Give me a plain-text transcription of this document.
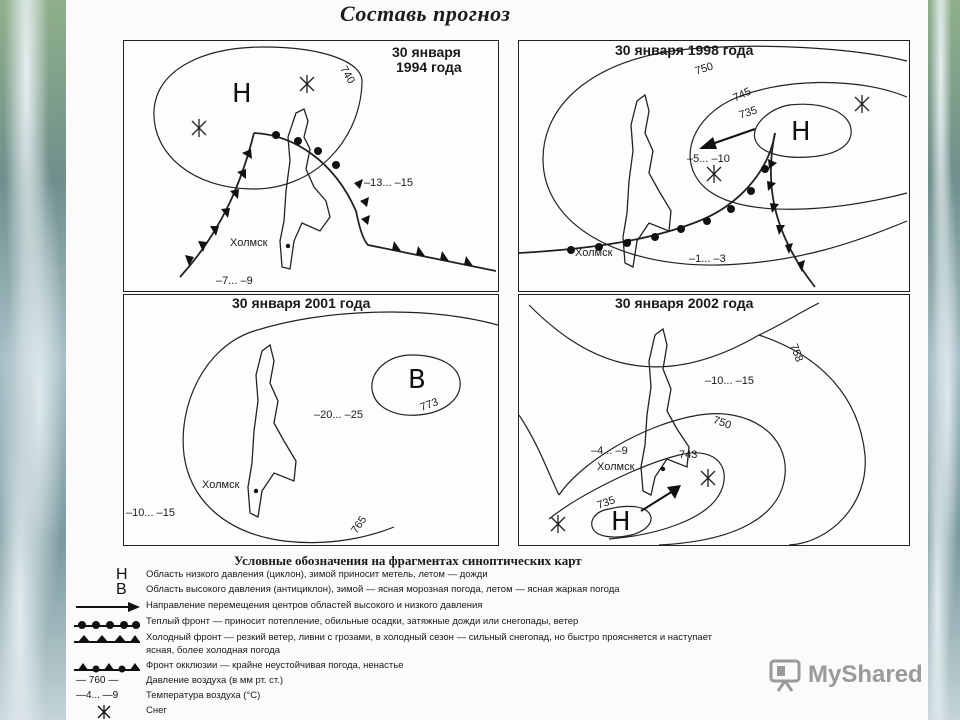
Составь прогноз
30 января
1994 года
Н
740
–13... –15
–7... –9
Холмск
30 января 1998 года
Н
750
745
735
–5... –10
–1... –3
Холмск
30 января 2001 года
В
773
765
–20... –25
–10... –15
Холмск
30 января 2002 года
Н
758
750
743
735
–10... –15
–4... –9
Холмск
Условные обозначения на фрагментах синоптических карт
Н Область низкого давления (циклон), зимой приносит метель, летом — дожди
В Область высокого давления (антициклон), зимой — ясная морозная погода, летом — ясная жаркая погода
Направление перемещения центров областей высокого и низкого давления
Теплый фронт — приносит потепление, обильные осадки, затяжные дожди или снегопады, ветер
Холодный фронт — резкий ветер, ливни с грозами, в холодный сезон — сильный снегопад, но быстро проясняется и наступает
ясная, более холодная погода
Фронт окклюзии — крайне неустойчивая погода, ненастье
— 760 —	Давление воздуха (в мм рт. ст.)
—4... —9	Температура воздуха (°С)
Снег
MyShared
